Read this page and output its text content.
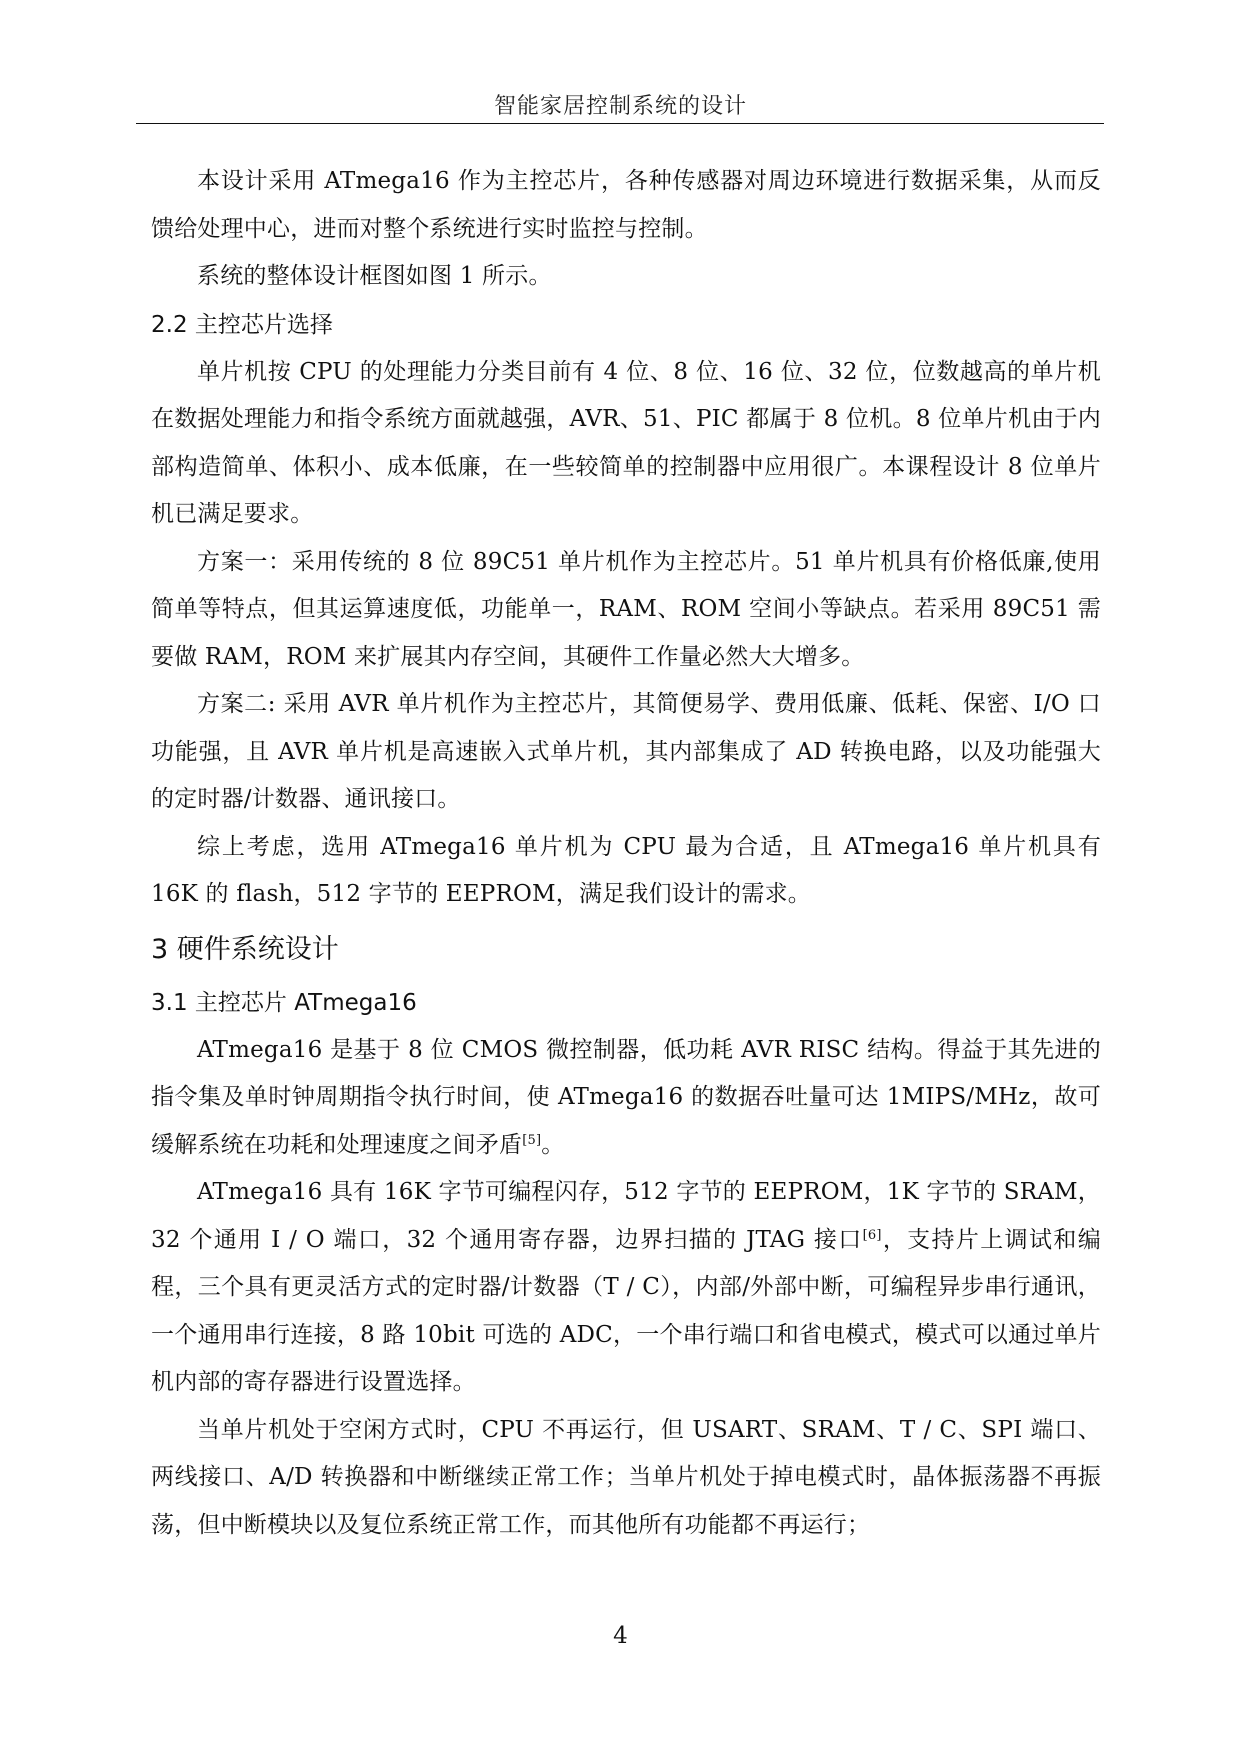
智能家居控制系统的设计

本设计采用 ATmega16 作为主控芯片，各种传感器对周边环境进行数据采集，从而反馈给处理中心，进而对整个系统进行实时监控与控制。

系统的整体设计框图如图 1 所示。

2.2 主控芯片选择

单片机按 CPU 的处理能力分类目前有 4 位、8 位、16 位、32 位，位数越高的单片机在数据处理能力和指令系统方面就越强，AVR、51、PIC 都属于 8 位机。8 位单片机由于内部构造简单、体积小、成本低廉，在一些较简单的控制器中应用很广。本课程设计 8 位单片机已满足要求。

方案一：采用传统的 8 位 89C51 单片机作为主控芯片。51 单片机具有价格低廉,使用简单等特点，但其运算速度低，功能单一，RAM、ROM 空间小等缺点。若采用 89C51 需要做 RAM，ROM 来扩展其内存空间，其硬件工作量必然大大增多。

方案二: 采用 AVR 单片机作为主控芯片，其简便易学、费用低廉、低耗、保密、I/O 口功能强，且 AVR 单片机是高速嵌入式单片机，其内部集成了 AD 转换电路，以及功能强大的定时器/计数器、通讯接口。

综上考虑，选用 ATmega16 单片机为 CPU 最为合适，且 ATmega16 单片机具有 16K 的 flash，512 字节的 EEPROM，满足我们设计的需求。

3 硬件系统设计

3.1 主控芯片 ATmega16

ATmega16 是基于 8 位 CMOS 微控制器，低功耗 AVR RISC 结构。得益于其先进的指令集及单时钟周期指令执行时间，使 ATmega16 的数据吞吐量可达 1MIPS/MHz，故可缓解系统在功耗和处理速度之间矛盾[5]。

ATmega16 具有 16K 字节可编程闪存，512 字节的 EEPROM，1K 字节的 SRAM，32 个通用 I / O 端口，32 个通用寄存器，边界扫描的 JTAG 接口[6]，支持片上调试和编程，三个具有更灵活方式的定时器/计数器（T / C），内部/外部中断，可编程异步串行通讯，一个通用串行连接，8 路 10bit 可选的 ADC，一个串行端口和省电模式，模式可以通过单片机内部的寄存器进行设置选择。

当单片机处于空闲方式时，CPU 不再运行，但 USART、SRAM、T / C、SPI 端口、两线接口、A/D 转换器和中断继续正常工作；当单片机处于掉电模式时，晶体振荡器不再振荡，但中断模块以及复位系统正常工作，而其他所有功能都不再运行；

4
